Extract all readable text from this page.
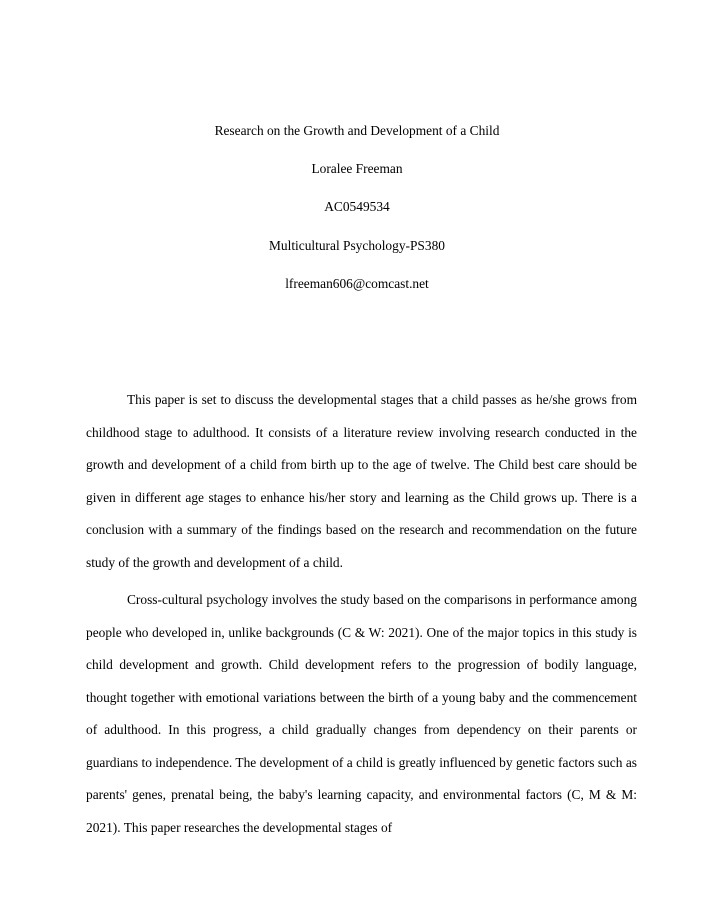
Research on the Growth and Development of a Child
Loralee Freeman
AC0549534
Multicultural Psychology-PS380
lfreeman606@comcast.net

This paper is set to discuss the developmental stages that a child passes as he/she grows from childhood stage to adulthood. It consists of a literature review involving research conducted in the growth and development of a child from birth up to the age of twelve. The Child best care should be given in different age stages to enhance his/her story and learning as the Child grows up. There is a conclusion with a summary of the findings based on the research and recommendation on the future study of the growth and development of a child.

Cross-cultural psychology involves the study based on the comparisons in performance among people who developed in, unlike backgrounds (C & W: 2021). One of the major topics in this study is child development and growth. Child development refers to the progression of bodily language, thought together with emotional variations between the birth of a young baby and the commencement of adulthood. In this progress, a child gradually changes from dependency on their parents or guardians to independence. The development of a child is greatly influenced by genetic factors such as parents' genes, prenatal being, the baby's learning capacity, and environmental factors (C, M & M: 2021). This paper researches the developmental stages of
